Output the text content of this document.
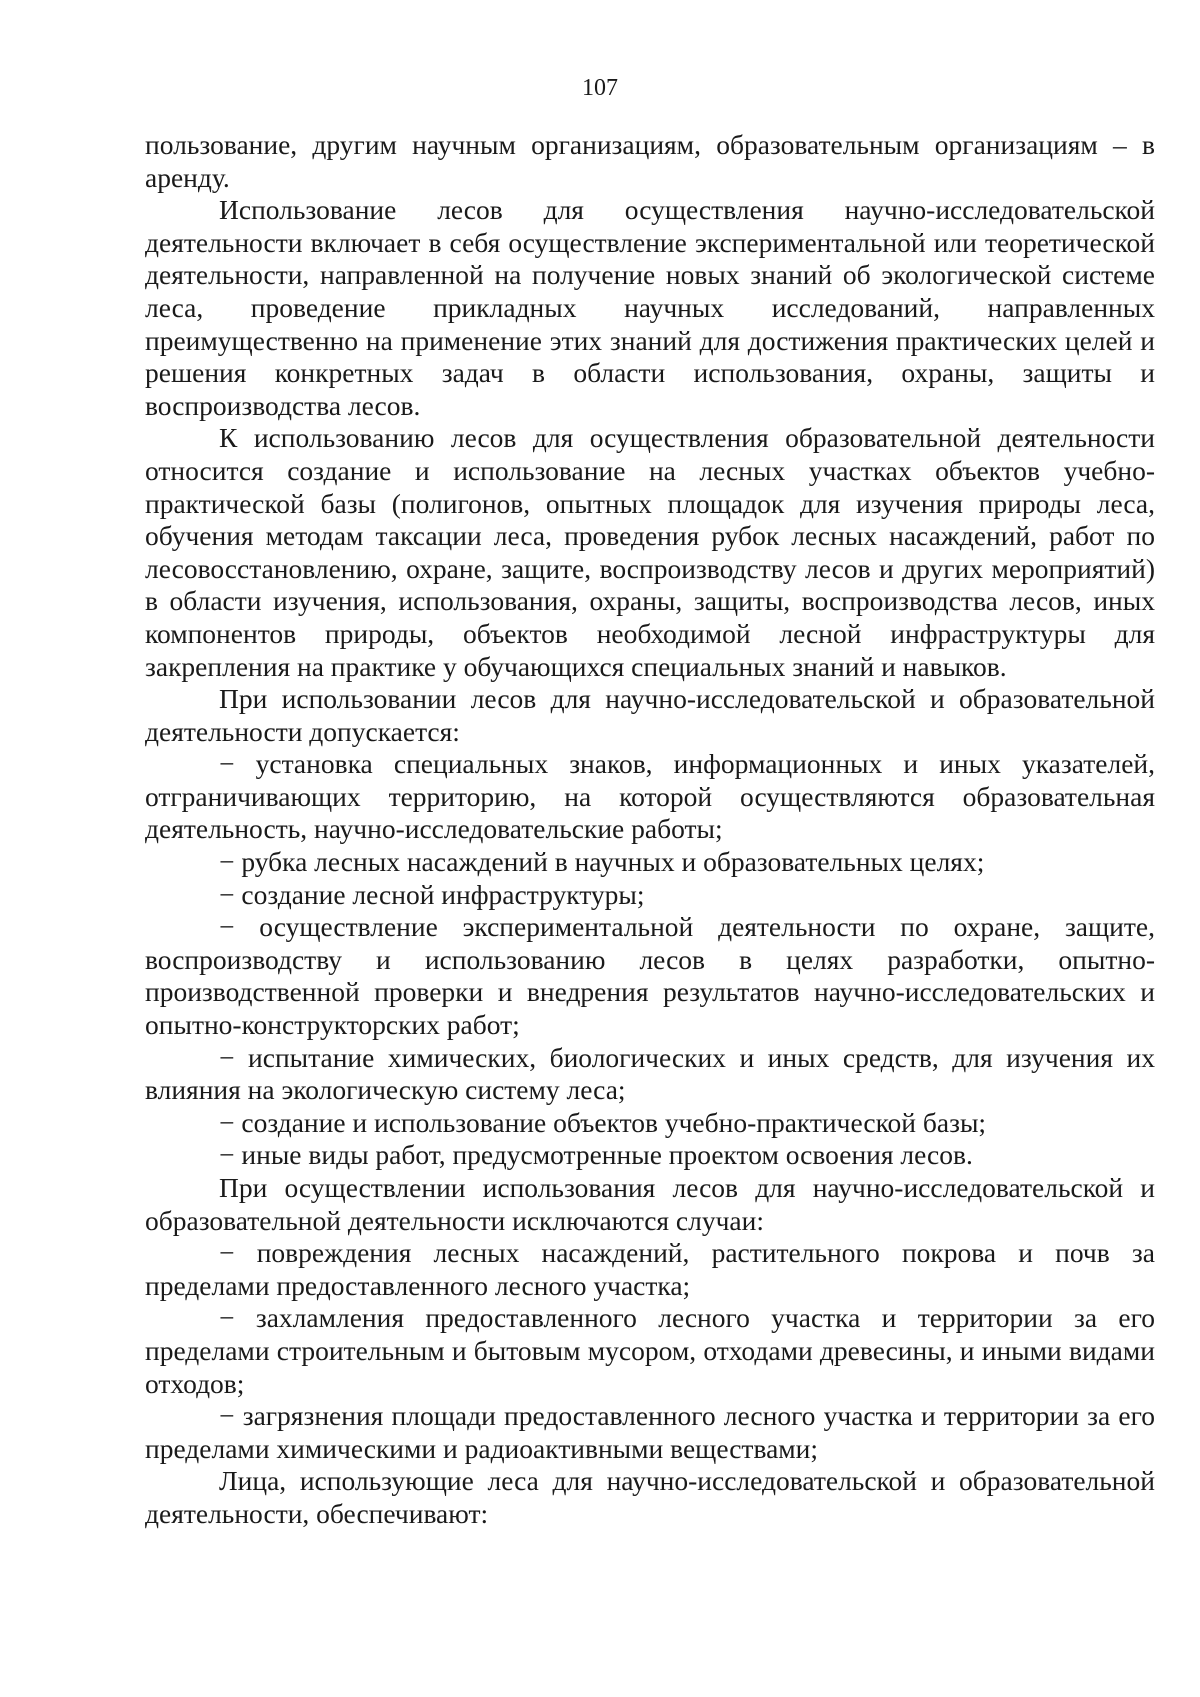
107

пользование, другим научным организациям, образовательным организациям – в аренду.

Использование лесов для осуществления научно-исследовательской деятельности включает в себя осуществление экспериментальной или теоретической деятельности, направленной на получение новых знаний об экологической системе леса, проведение прикладных научных исследований, направленных преимущественно на применение этих знаний для достижения практических целей и решения конкретных задач в области использования, охраны, защиты и воспроизводства лесов.

К использованию лесов для осуществления образовательной деятельности относится создание и использование на лесных участках объектов учебно-практической базы (полигонов, опытных площадок для изучения природы леса, обучения методам таксации леса, проведения рубок лесных насаждений, работ по лесовосстановлению, охране, защите, воспроизводству лесов и других мероприятий) в области изучения, использования, охраны, защиты, воспроизводства лесов, иных компонентов природы, объектов необходимой лесной инфраструктуры для закрепления на практике у обучающихся специальных знаний и навыков.

При использовании лесов для научно-исследовательской и образовательной деятельности допускается:

− установка специальных знаков, информационных и иных указателей, отграничивающих территорию, на которой осуществляются образовательная деятельность, научно-исследовательские работы;

− рубка лесных насаждений в научных и образовательных целях;

− создание лесной инфраструктуры;

− осуществление экспериментальной деятельности по охране, защите, воспроизводству и использованию лесов в целях разработки, опытно-производственной проверки и внедрения результатов научно-исследовательских и опытно-конструкторских работ;

− испытание химических, биологических и иных средств, для изучения их влияния на экологическую систему леса;

− создание и использование объектов учебно-практической базы;

− иные виды работ, предусмотренные проектом освоения лесов.

При осуществлении использования лесов для научно-исследовательской и образовательной деятельности исключаются случаи:

− повреждения лесных насаждений, растительного покрова и почв за пределами предоставленного лесного участка;

− захламления предоставленного лесного участка и территории за его пределами строительным и бытовым мусором, отходами древесины, и иными видами отходов;

− загрязнения площади предоставленного лесного участка и территории за его пределами химическими и радиоактивными веществами;

Лица, использующие леса для научно-исследовательской и образовательной деятельности, обеспечивают:
